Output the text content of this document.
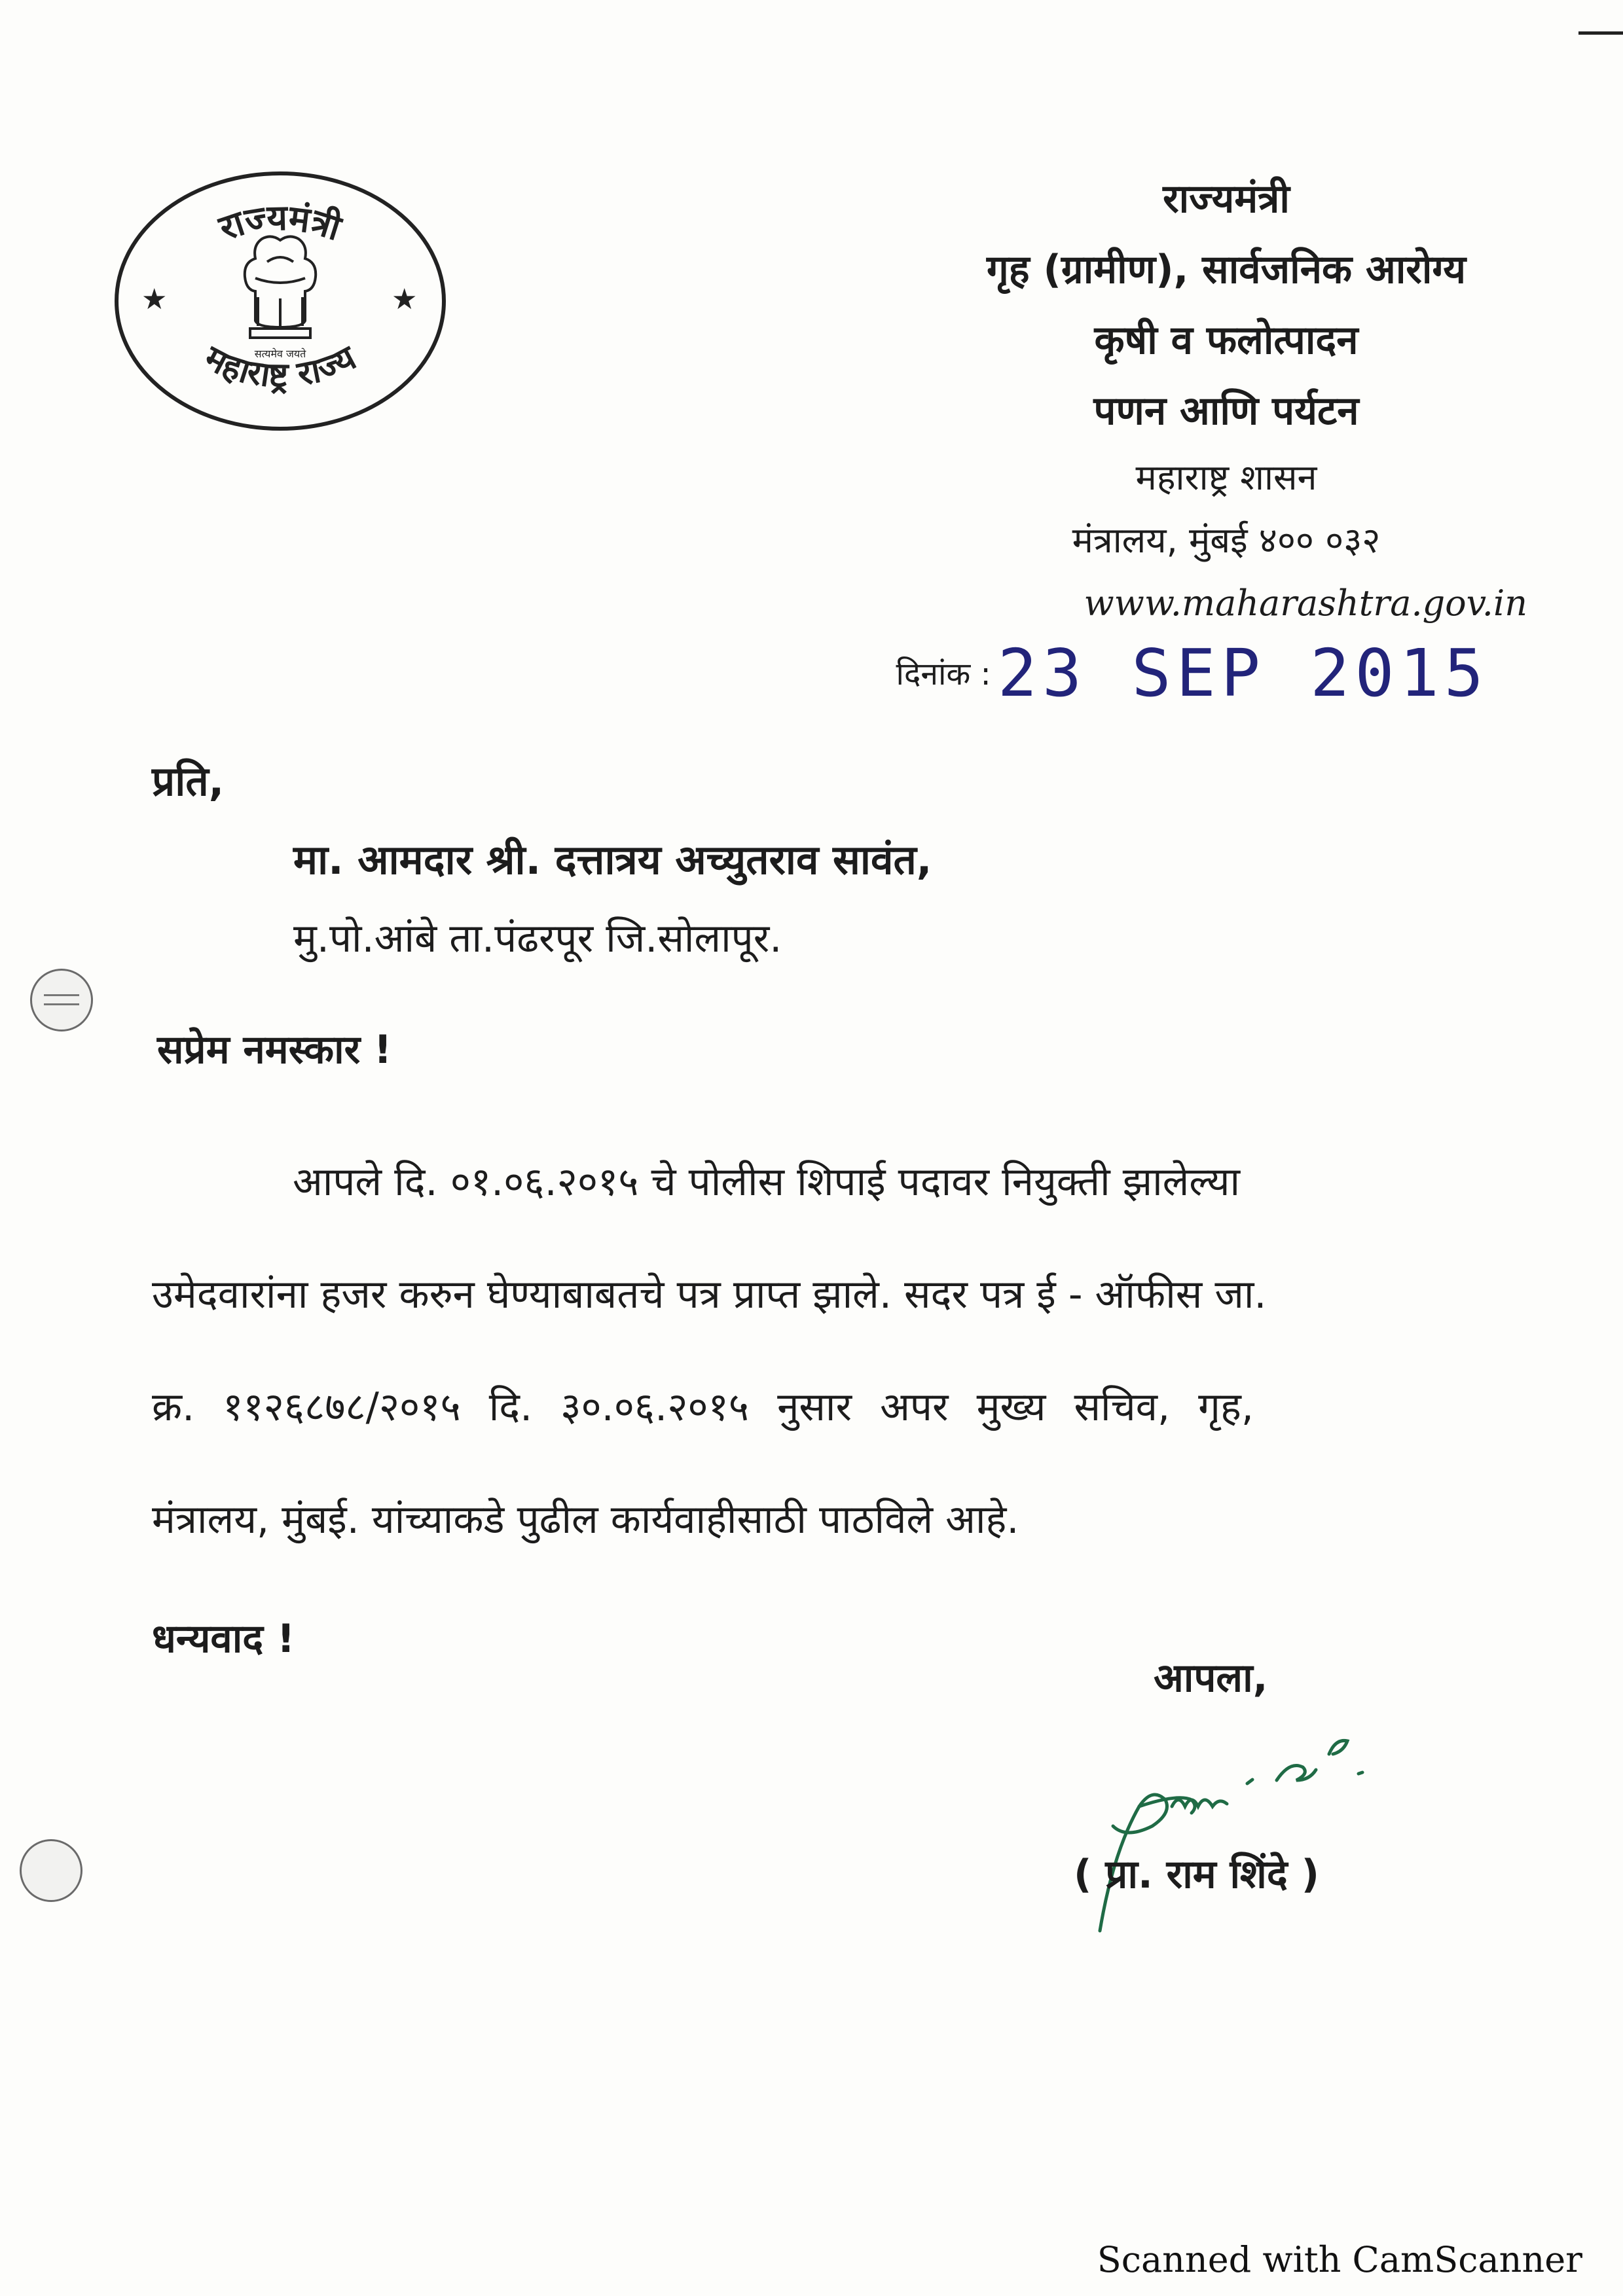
राज्यमंत्री
महाराष्ट्र राज्य
★	★
सत्यमेव जयते
राज्यमंत्री
गृह (ग्रामीण), सार्वजनिक आरोग्य
कृषी व फलोत्पादन
पणन आणि पर्यटन
महाराष्ट्र शासन
मंत्रालय, मुंबई ४०० ०३२
www.maharashtra.gov.in
दिनांक : 23 SEP 2015
प्रति,
मा. आमदार श्री. दत्तात्रय अच्युतराव सावंत,
मु.पो.आंबे ता.पंढरपूर जि.सोलापूर.
सप्रेम नमस्कार !
आपले दि. ०१.०६.२०१५ चे पोलीस शिपाई पदावर नियुक्ती झालेल्या
उमेदवारांना हजर करुन घेण्याबाबतचे पत्र प्राप्त झाले. सदर पत्र ई - ऑफीस जा.
क्र. ११२६८७८/२०१५ दि. ३०.०६.२०१५ नुसार अपर मुख्य सचिव, गृह,
मंत्रालय, मुंबई. यांच्याकडे पुढील कार्यवाहीसाठी पाठविले आहे.
धन्यवाद !
आपला,
( प्रा. राम शिंदे )
Scanned with CamScanner
